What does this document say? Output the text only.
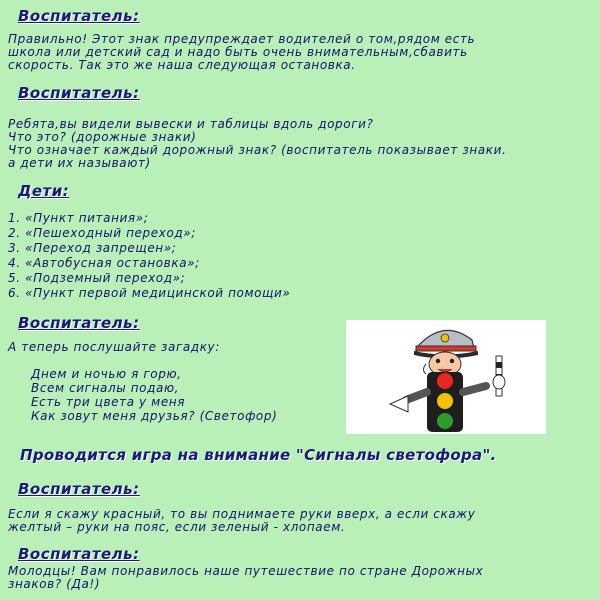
Воспитатель:
Правильно! Этот знак предупреждает водителей о том,рядом есть
школа или детский сад и надо быть очень внимательным,сбавить
скорость. Так это же наша следующая остановка.
Воспитатель:
Ребята,вы видели вывески и таблицы вдоль дороги?
Что это? (дорожные знаки)
Что означает каждый дорожный знак? (воспитатель показывает знаки.
а дети их называют)
Дети:
1. «Пункт питания»;
2. «Пешеходный переход»;
3. «Переход запрещен»;
4. «Автобусная остановка»;
5. «Подземный переход»;
6. «Пункт первой медицинской помощи»
Воспитатель:
А теперь послушайте загадку:
Днем и ночью я горю,
Всем сигналы подаю,
Есть три цвета у меня
Как зовут меня друзья? (Светофор)
Проводится игра на внимание "Сигналы светофора".
Воспитатель:
Если я скажу красный, то вы поднимаете руки вверх, а если скажу
желтый – руки на пояс, если зеленый - хлопаем.
Воспитатель:
Молодцы! Вам понравилось наше путешествие по стране Дорожных
знаков? (Да!)
